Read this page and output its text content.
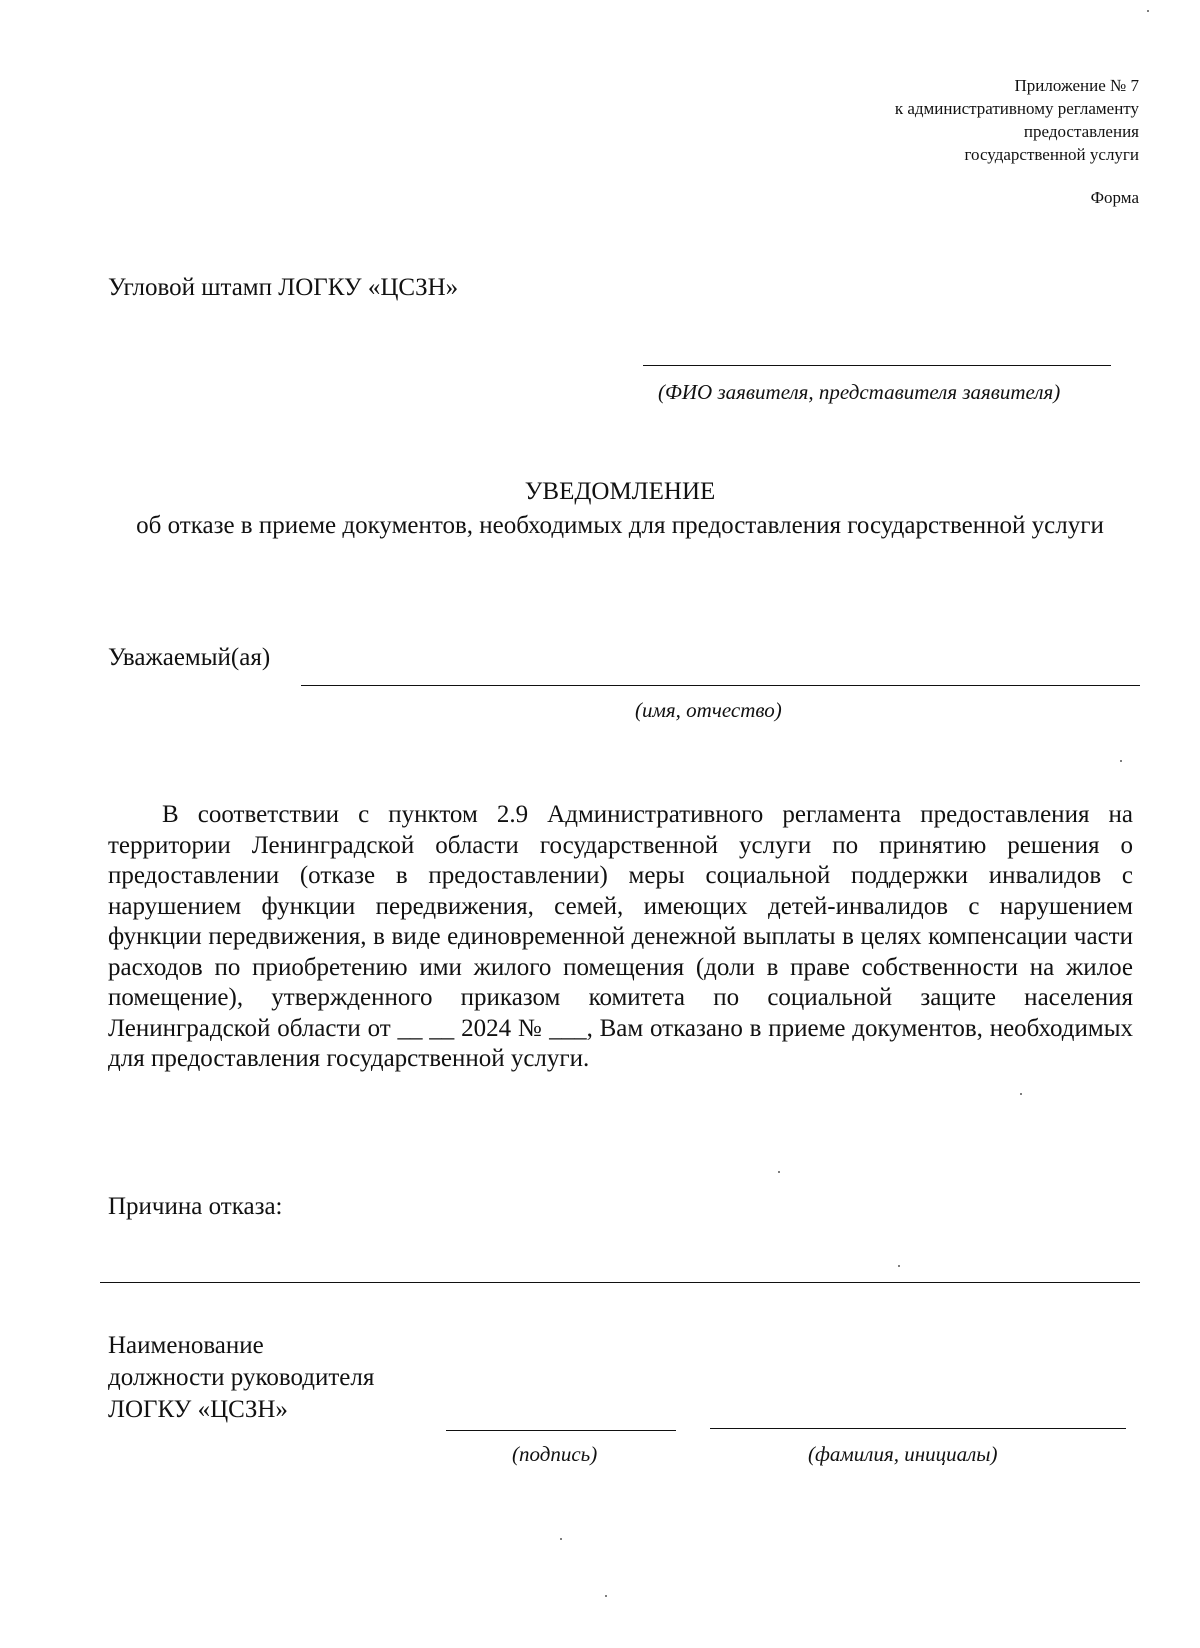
Приложение № 7
к административному регламенту
предоставления
государственной услуги
Форма
Угловой штамп ЛОГКУ «ЦСЗН»
(ФИО заявителя, представителя заявителя)
УВЕДОМЛЕНИЕ
об отказе в приеме документов, необходимых для предоставления государственной услуги
Уважаемый(ая)
(имя, отчество)
В соответствии с пунктом 2.9 Административного регламента предоставления на территории Ленинградской области государственной услуги по принятию решения о предоставлении (отказе в предоставлении) меры социальной поддержки инвалидов с нарушением функции передвижения, семей, имеющих детей-инвалидов с нарушением функции передвижения, в виде единовременной денежной выплаты в целях компенсации части расходов по приобретению ими жилого помещения (доли в праве собственности на жилое помещение), утвержденного приказом комитета по социальной защите населения Ленинградской области от __ __ 2024 № ___, Вам отказано в приеме документов, необходимых для предоставления государственной услуги.
Причина отказа:
Наименование
должности руководителя
ЛОГКУ «ЦСЗН»
(подпись)	(фамилия, инициалы)
